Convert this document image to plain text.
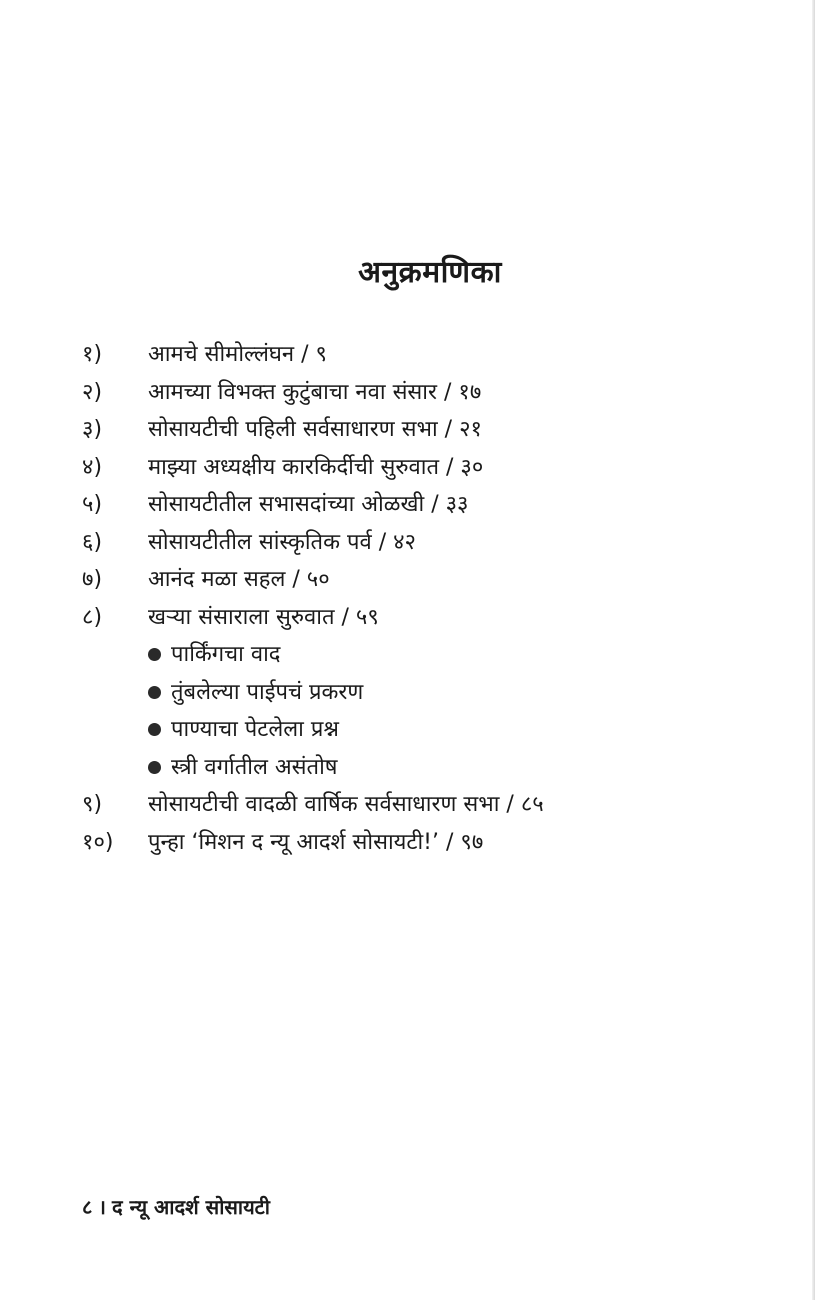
अनुक्रमणिका
१)	आमचे सीमोल्लंघन / ९
२)	आमच्या विभक्त कुटुंबाचा नवा संसार / १७
३)	सोसायटीची पहिली सर्वसाधारण सभा / २१
४)	माझ्या अध्यक्षीय कारकिर्दीची सुरुवात / ३०
५)	सोसायटीतील सभासदांच्या ओळखी / ३३
६)	सोसायटीतील सांस्कृतिक पर्व / ४२
७)	आनंद मळा सहल / ५०
८)	खऱ्या संसाराला सुरुवात / ५९
पार्किंगचा वाद
तुंबलेल्या पाईपचं प्रकरण
पाण्याचा पेटलेला प्रश्न
स्त्री वर्गातील असंतोष
९)	सोसायटीची वादळी वार्षिक सर्वसाधारण सभा / ८५
१०)	पुन्हा ‘मिशन द न्यू आदर्श सोसायटी!’ / ९७
८ । द न्यू आदर्श सोसायटी
